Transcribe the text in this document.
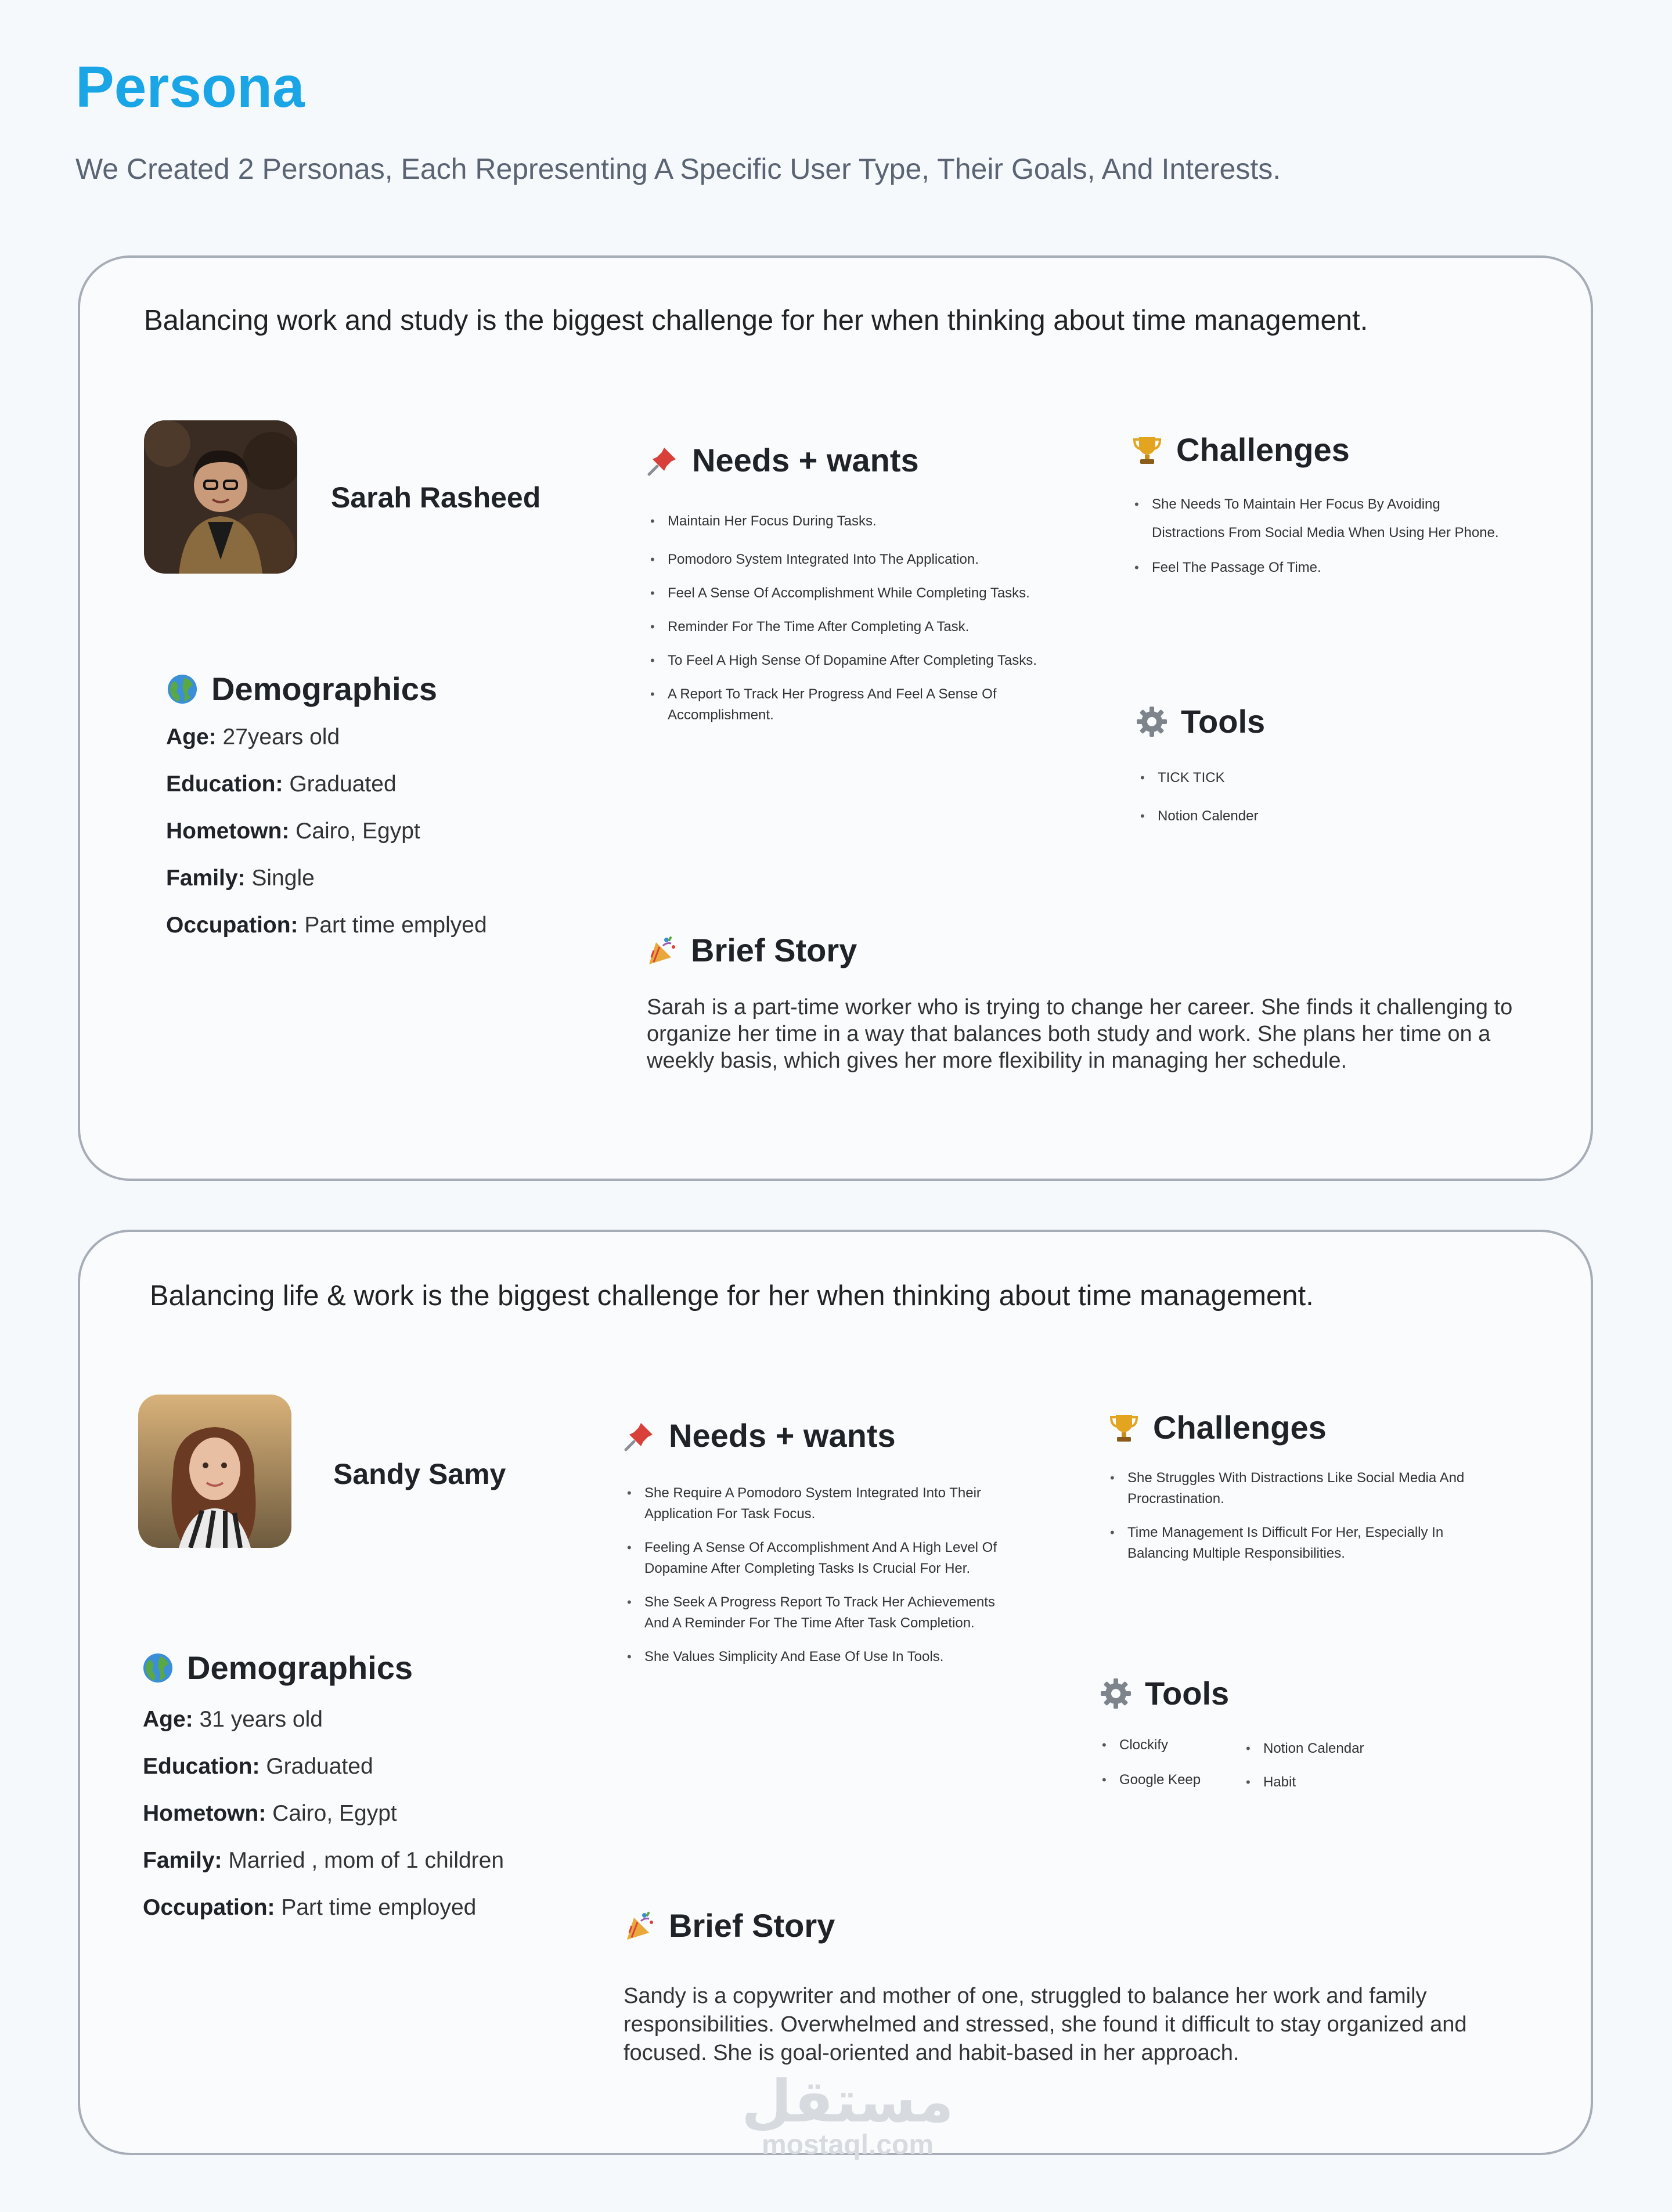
Persona
We Created 2 Personas, Each Representing A Specific User Type, Their Goals, And Interests.
Balancing work and study is the biggest challenge for her when thinking about time management.
Sarah Rasheed
Demographics
Age: 27years old
Education: Graduated
Hometown: Cairo, Egypt
Family: Single
Occupation: Part time emplyed
Needs + wants
• Maintain Her Focus During Tasks.
• Pomodoro System Integrated Into The Application.
• Feel A Sense Of Accomplishment While Completing Tasks.
• Reminder For The Time After Completing A Task.
• To Feel A High Sense Of Dopamine After Completing Tasks.
• A Report To Track Her Progress And Feel A Sense Of Accomplishment.
Challenges
• She Needs To Maintain Her Focus By Avoiding Distractions From Social Media When Using Her Phone.
• Feel The Passage Of Time.
Tools
• TICK TICK
• Notion Calender
Brief Story
Sarah is a part-time worker who is trying to change her career. She finds it challenging to organize her time in a way that balances both study and work. She plans her time on a weekly basis, which gives her more flexibility in managing her schedule.
Balancing life & work is the biggest challenge for her when thinking about time management.
Sandy Samy
Demographics
Age: 31 years old
Education: Graduated
Hometown: Cairo, Egypt
Family: Married , mom of 1 children
Occupation: Part time employed
Needs + wants
• She Require A Pomodoro System Integrated Into Their Application For Task Focus.
• Feeling A Sense Of Accomplishment And A High Level Of Dopamine After Completing Tasks Is Crucial For Her.
• She Seek A Progress Report To Track Her Achievements And A Reminder For The Time After Task Completion.
• She Values Simplicity And Ease Of Use In Tools.
Challenges
• She Struggles With Distractions Like Social Media And Procrastination.
• Time Management Is Difficult For Her, Especially In Balancing Multiple Responsibilities.
Tools
• Clockify
• Google Keep
• Notion Calendar
• Habit
Brief Story
Sandy is a copywriter and mother of one, struggled to balance her work and family responsibilities. Overwhelmed and stressed, she found it difficult to stay organized and focused. She is goal-oriented and habit-based in her approach.
مستقل
mostaql.com
